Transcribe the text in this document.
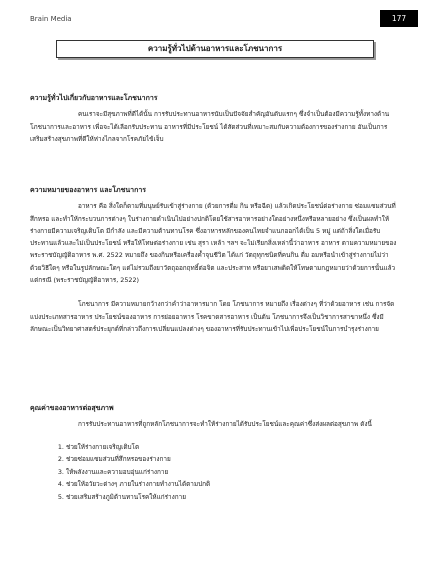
Brain Media	177
ความรู้ทั่วไปด้านอาหารและโภชนาการ
ความรู้ทั่วไปเกี่ยวกับอาหารและโภชนาการ

คนเราจะมีสุขภาพที่ดีได้นั้น การรับประทานอาหารนับเป็นปัจจัยสำคัญอันดับแรกๆ ซึ่งจำเป็นต้องมีความรู้ทั้งทางด้านโภชนาการและอาหาร เพื่อจะได้เลือกรับประทาน อาหารที่มีประโยชน์ ได้สัดส่วนที่เหมาะสมกับความต้องการของร่างกาย อันเป็นการเสริมสร้างสุขภาพที่ดีให้ห่างไกลจากโรคภัยไข้เจ็บ

ความหมายของอาหาร และโภชนาการ

อาหาร คือ สิ่งใดก็ตามที่มนุษย์รับเข้าสู่ร่างกาย (ด้วยการดื่ม กิน หรือฉีด) แล้วเกิดประโยชน์ต่อร่างกาย ซ่อมแซมส่วนที่สึกหรอ และทำให้กระบวนการต่างๆ ในร่างกายดำเนินไปอย่างปกติโดยใช้สารอาหารอย่างใดอย่างหนึ่งหรือหลายอย่าง ซึ่งเป็นผลทำให้ร่างกายมีความเจริญเติบโต มีกำลัง และมีความต้านทานโรค ซึ่งอาหารหลักของคนไทยจำแนกออกได้เป็น 5 หมู่ แต่ถ้าสิ่งใดเมื่อรับประทานแล้วและไม่เป็นประโยชน์ หรือให้โทษต่อร่างกาย เช่น สุรา เหล้า ฯลฯ จะไม่เรียกสิ่งเหล่านี้ว่าอาหาร อาหาร ตามความหมายของ พระราชบัญญัติอาหาร พ.ศ. 2522 หมายถึง ของกินหรือเครื่องค้ำจุนชีวิต ได้แก่ วัตถุทุกชนิดที่คนกิน ดื่ม อมหรือนำเข้าสู่ร่างกายไม่ว่าด้วยวิธีใดๆ หรือในรูปลักษณะใดๆ แต่ไม่รวมถึงยาวัตถุออกฤทธิ์ต่อจิต และประสาท หรือยาเสพติดให้โทษตามกฎหมายว่าด้วยการนั้นแล้วแต่กรณี (พระราชบัญญัติอาหาร, 2522)

โภชนาการ มีความหมายกว้างกว่าคำว่าอาหารมาก โดย โภชนาการ หมายถึง เรื่องต่างๆ ที่ว่าด้วยอาหาร เช่น การจัดแบ่งประเภทสารอาหาร ประโยชน์ของอาหาร การย่อยอาหาร โรคขาดสารอาหาร เป็นต้น โภชนาการจึงเป็นวิชาการสาขาหนึ่ง ซึ่งมีลักษณะเป็นวิทยาศาสตร์ประยุกต์ที่กล่าวถึงการเปลี่ยนแปลงต่างๆ ของอาหารที่รับประทานเข้าไปเพื่อประโยชน์ในการบำรุงร่างกาย

คุณค่าของอาหารต่อสุขภาพ

การรับประทานอาหารที่ถูกหลักโภชนาการจะทำให้ร่างกายได้รับประโยชน์และคุณค่าซึ่งส่งผลต่อสุขภาพ ดังนี้

1. ช่วยให้ร่างกายเจริญเติบโต
2. ช่วยซ่อมแซมส่วนที่สึกหรอของร่างกาย
3. ให้พลังงานและความอบอุ่นแก่ร่างกาย
4. ช่วยให้อวัยวะต่างๆ ภายในร่างกายทำงานได้ตามปกติ
5. ช่วยเสริมสร้างภูมิต้านทานโรคให้แก่ร่างกาย
